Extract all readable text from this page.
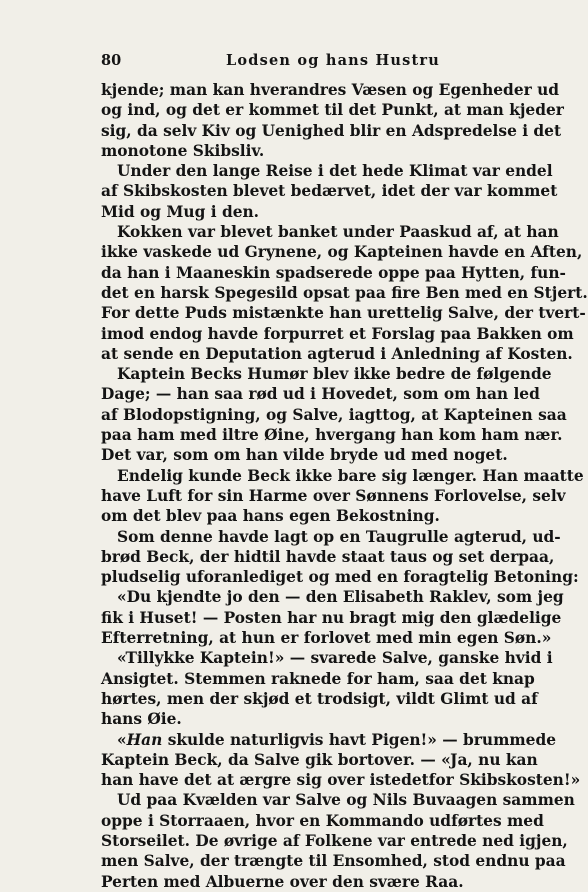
80	Lodsen og hans Hustru
kjende; man kan hverandres Væsen og Egenheder ud
og ind, og det er kommet til det Punkt, at man kjeder
sig, da selv Kiv og Uenighed blir en Adspredelse i det
monotone Skibsliv.
Under den lange Reise i det hede Klimat var endel
af Skibskosten blevet bedærvet, idet der var kommet
Mid og Mug i den.
Kokken var blevet banket under Paaskud af, at han
ikke vaskede ud Grynene, og Kapteinen havde en Aften,
da han i Maaneskin spadserede oppe paa Hytten, fun-
det en harsk Spegesild opsat paa fire Ben med en Stjert.
For dette Puds mistænkte han urettelig Salve, der tvert-
imod endog havde forpurret et Forslag paa Bakken om
at sende en Deputation agterud i Anledning af Kosten.
Kaptein Becks Humør blev ikke bedre de følgende
Dage; — han saa rød ud i Hovedet, som om han led
af Blodopstigning, og Salve, iagttog, at Kapteinen saa
paa ham med iltre Øine, hvergang han kom ham nær.
Det var, som om han vilde bryde ud med noget.
Endelig kunde Beck ikke bare sig længer. Han maatte
have Luft for sin Harme over Sønnens Forlovelse, selv
om det blev paa hans egen Bekostning.
Som denne havde lagt op en Taugrulle agterud, ud-
brød Beck, der hidtil havde staat taus og set derpaa,
pludselig uforanlediget og med en foragtelig Betoning:
«Du kjendte jo den — den Elisabeth Raklev, som jeg
fik i Huset! — Posten har nu bragt mig den glædelige
Efterretning, at hun er forlovet med min egen Søn.»
«Tillykke Kaptein!» — svarede Salve, ganske hvid i
Ansigtet. Stemmen raknede for ham, saa det knap
hørtes, men der skjød et trodsigt, vildt Glimt ud af
hans Øie.
«Han skulde naturligvis havt Pigen!» — brummede
Kaptein Beck, da Salve gik bortover. — «Ja, nu kan
han have det at ærgre sig over istedetfor Skibskosten!»
Ud paa Kvælden var Salve og Nils Buvaagen sammen
oppe i Storraaen, hvor en Kommando udførtes med
Storseilet. De øvrige af Folkene var entrede ned igjen,
men Salve, der trængte til Ensomhed, stod endnu paa
Perten med Albuerne over den svære Raa.
